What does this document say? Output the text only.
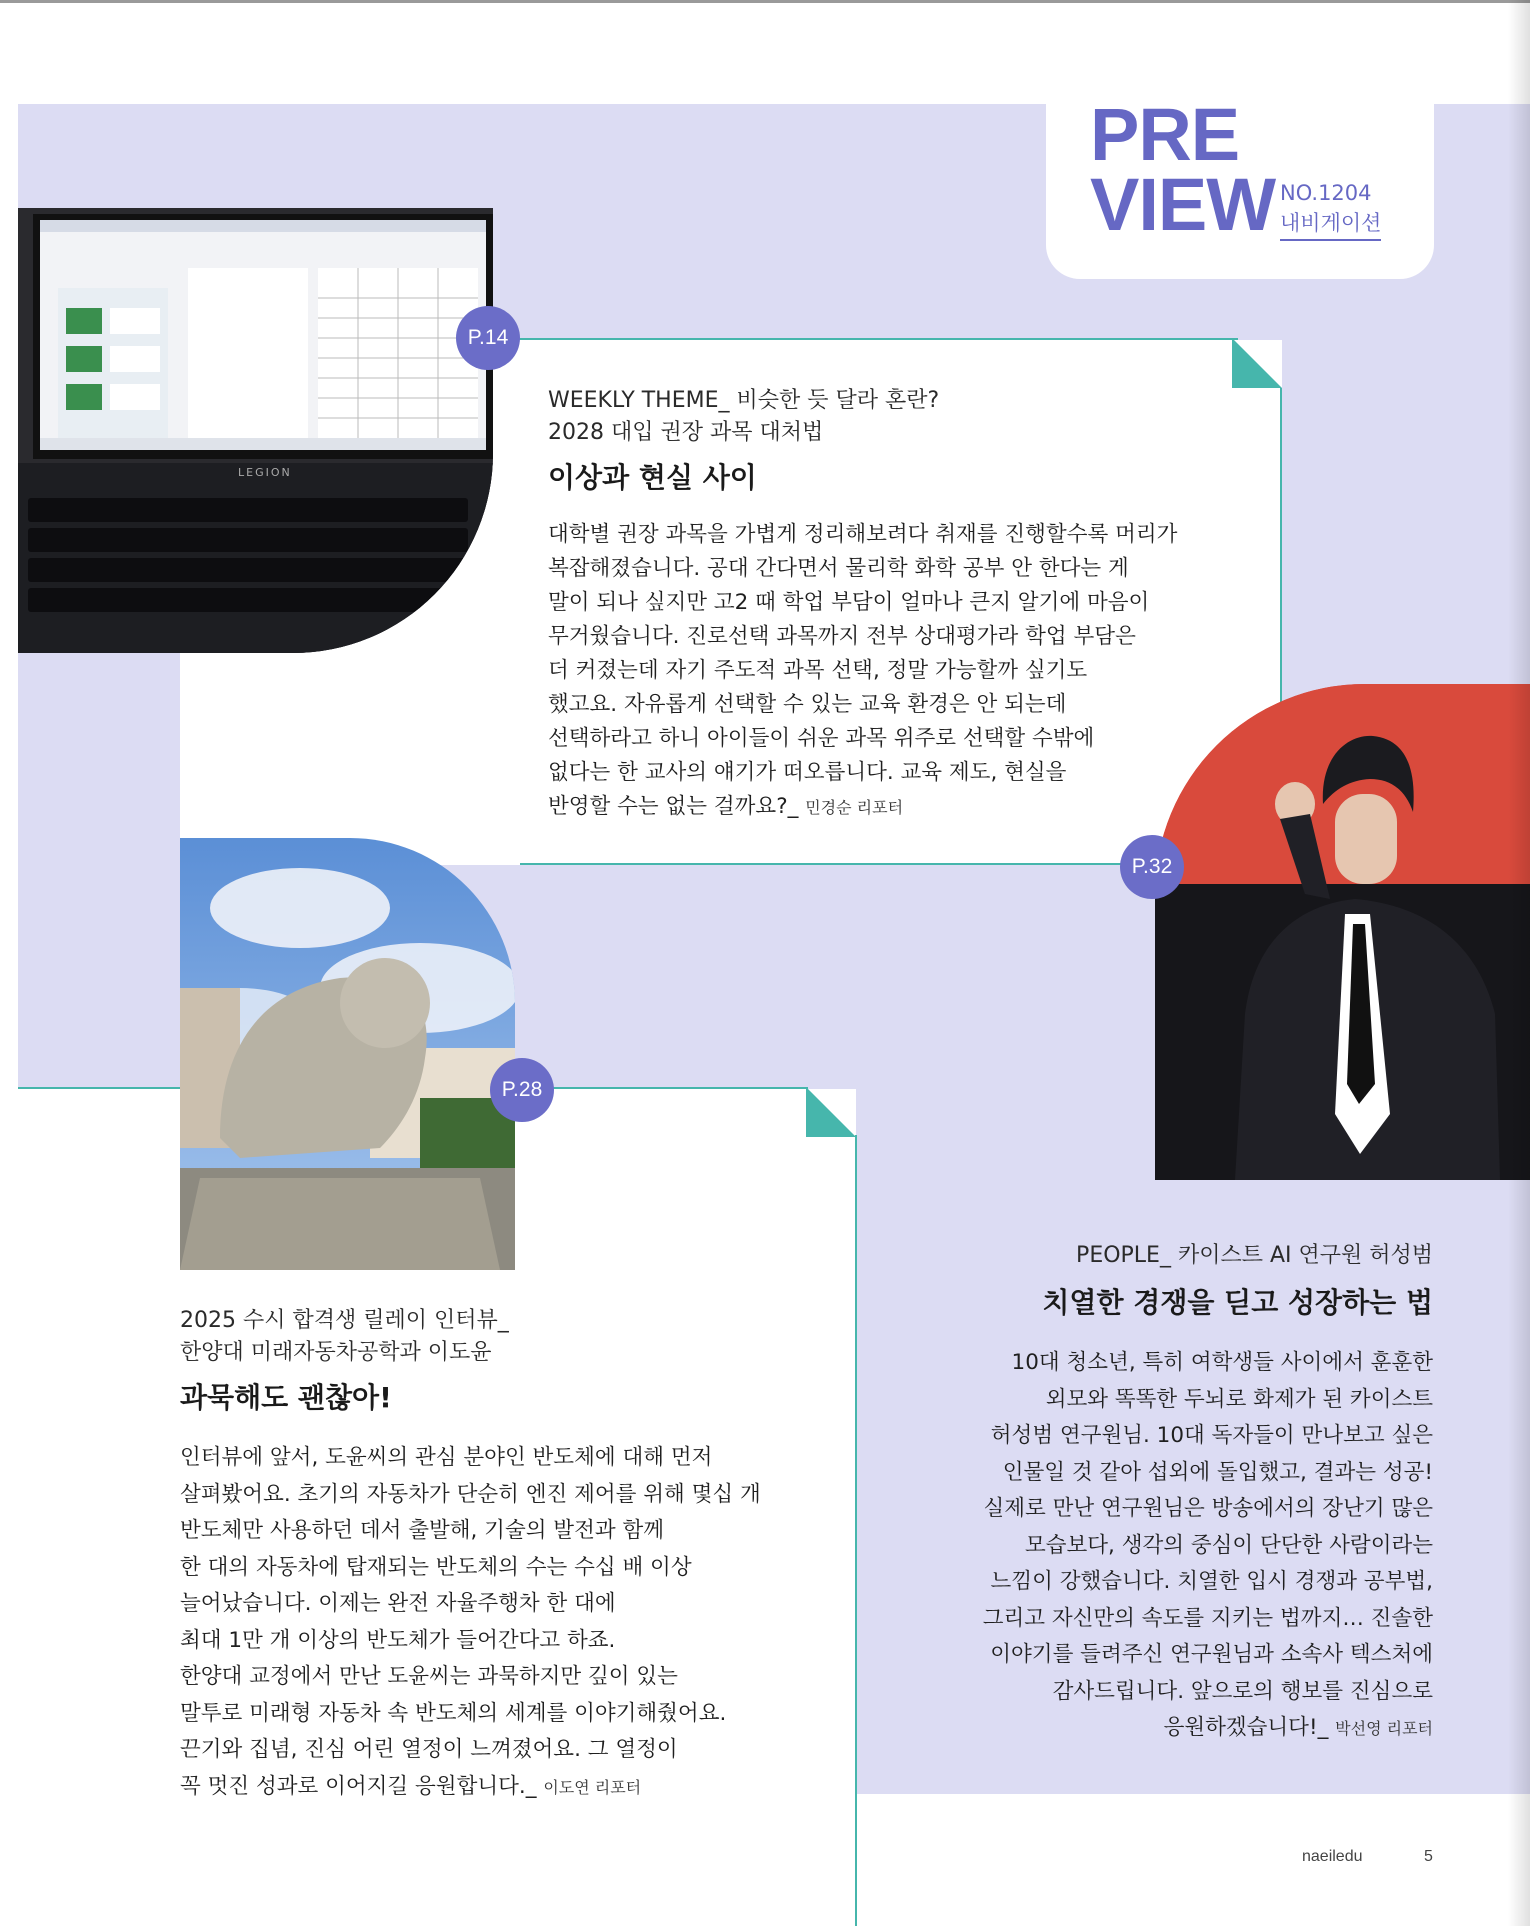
PRE
VIEW NO.1204
내비게이션
LEGION
P.14
WEEKLY THEME_ 비슷한 듯 달라 혼란?
2028 대입 권장 과목 대처법
이상과 현실 사이

대학별 권장 과목을 가볍게 정리해보려다 취재를 진행할수록 머리가

복잡해졌습니다. 공대 간다면서 물리학 화학 공부 안 한다는 게

말이 되나 싶지만 고2 때 학업 부담이 얼마나 큰지 알기에 마음이

무거웠습니다. 진로선택 과목까지 전부 상대평가라 학업 부담은

더 커졌는데 자기 주도적 과목 선택, 정말 가능할까 싶기도

했고요. 자유롭게 선택할 수 있는 교육 환경은 안 되는데

선택하라고 하니 아이들이 쉬운 과목 위주로 선택할 수밖에

없다는 한 교사의 얘기가 떠오릅니다. 교육 제도, 현실을

반영할 수는 없는 걸까요?_ 민경순 리포터

P.28
2025 수시 합격생 릴레이 인터뷰_
한양대 미래자동차공학과 이도윤
과묵해도 괜찮아!

인터뷰에 앞서, 도윤씨의 관심 분야인 반도체에 대해 먼저

살펴봤어요. 초기의 자동차가 단순히 엔진 제어를 위해 몇십 개

반도체만 사용하던 데서 출발해, 기술의 발전과 함께

한 대의 자동차에 탑재되는 반도체의 수는 수십 배 이상

늘어났습니다. 이제는 완전 자율주행차 한 대에

최대 1만 개 이상의 반도체가 들어간다고 하죠.

한양대 교정에서 만난 도윤씨는 과묵하지만 깊이 있는

말투로 미래형 자동차 속 반도체의 세계를 이야기해줬어요.

끈기와 집념, 진심 어린 열정이 느껴졌어요. 그 열정이

꼭 멋진 성과로 이어지길 응원합니다._ 이도연 리포터

P.32
PEOPLE_ 카이스트 AI 연구원 허성범
치열한 경쟁을 딛고 성장하는 법

10대 청소년, 특히 여학생들 사이에서 훈훈한

외모와 똑똑한 두뇌로 화제가 된 카이스트

허성범 연구원님. 10대 독자들이 만나보고 싶은

인물일 것 같아 섭외에 돌입했고, 결과는 성공!

실제로 만난 연구원님은 방송에서의 장난기 많은

모습보다, 생각의 중심이 단단한 사람이라는

느낌이 강했습니다. 치열한 입시 경쟁과 공부법,

그리고 자신만의 속도를 지키는 법까지… 진솔한

이야기를 들려주신 연구원님과 소속사 텍스처에

감사드립니다. 앞으로의 행보를 진심으로

응원하겠습니다!_ 박선영 리포터

naeiledu	5
